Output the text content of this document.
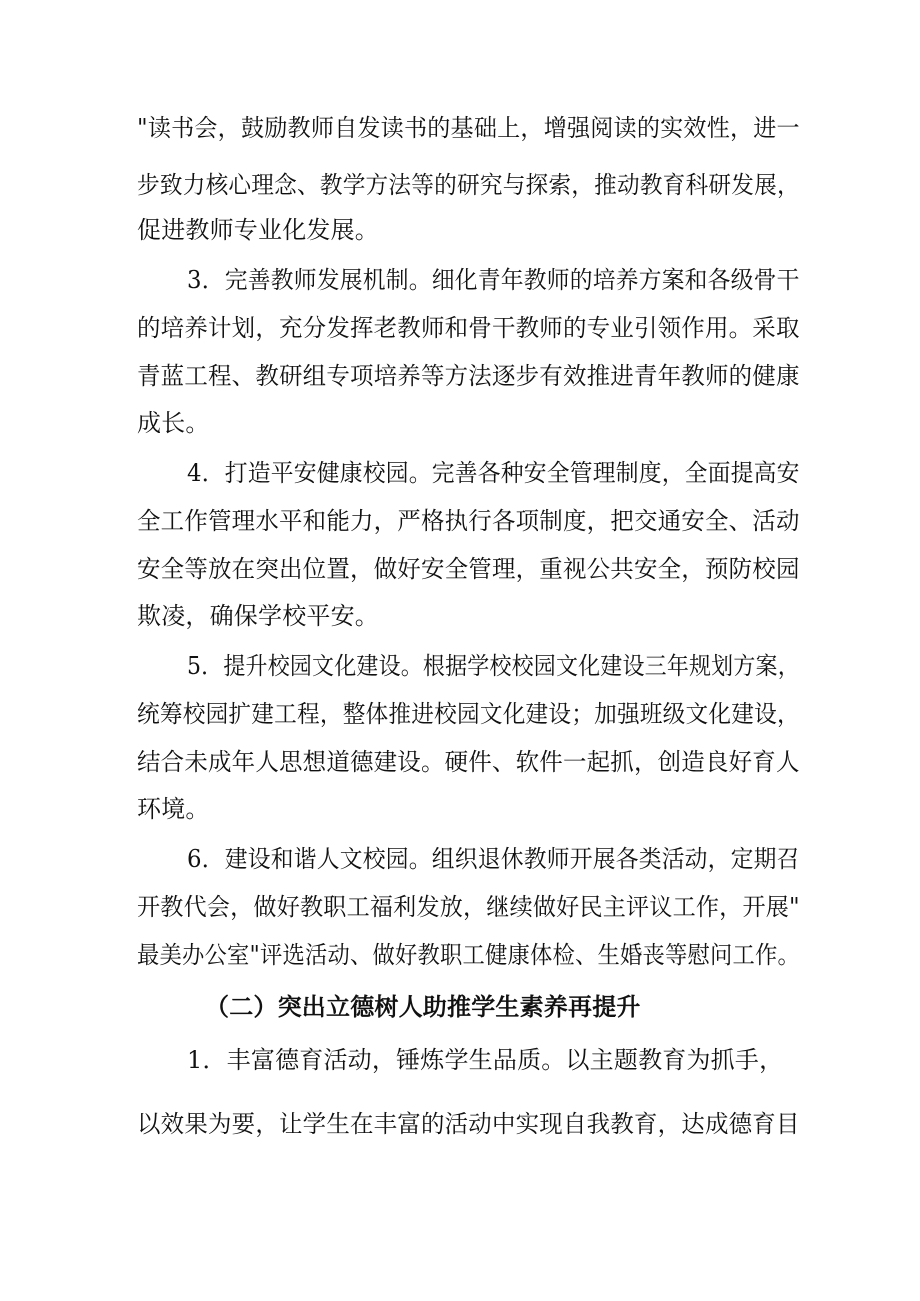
"读书会，鼓励教师自发读书的基础上，增强阅读的实效性，进一
步致力核心理念、教学方法等的研究与探索，推动教育科研发展，
促进教师专业化发展。
3．完善教师发展机制。细化青年教师的培养方案和各级骨干
的培养计划，充分发挥老教师和骨干教师的专业引领作用。采取
青蓝工程、教研组专项培养等方法逐步有效推进青年教师的健康
成长。
4．打造平安健康校园。完善各种安全管理制度，全面提高安
全工作管理水平和能力，严格执行各项制度，把交通安全、活动
安全等放在突出位置，做好安全管理，重视公共安全，预防校园
欺凌，确保学校平安。
5．提升校园文化建设。根据学校校园文化建设三年规划方案，
统筹校园扩建工程，整体推进校园文化建设；加强班级文化建设，
结合未成年人思想道德建设。硬件、软件一起抓，创造良好育人
环境。
6．建设和谐人文校园。组织退休教师开展各类活动，定期召
开教代会，做好教职工福利发放，继续做好民主评议工作，开展"
最美办公室"评选活动、做好教职工健康体检、生婚丧等慰问工作。
（二）突出立德树人助推学生素养再提升
1．丰富德育活动，锤炼学生品质。以主题教育为抓手，
以效果为要，让学生在丰富的活动中实现自我教育，达成德育目
